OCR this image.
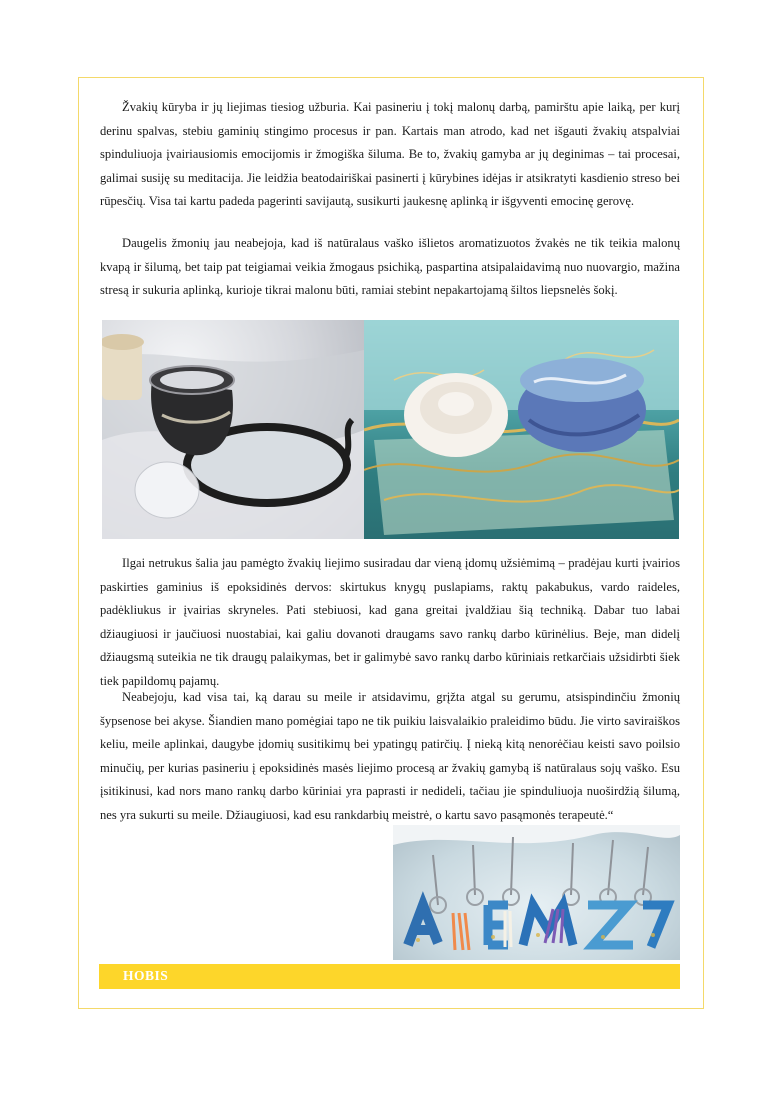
Žvakių kūryba ir jų liejimas tiesiog užburia. Kai pasineriu į tokį malonų darbą, pamirštu apie laiką, per kurį derinu spalvas, stebiu gaminių stingimo procesus ir pan. Kartais man atrodo, kad net išgauti žvakių atspalviai spinduliuoja įvairiausiomis emocijomis ir žmogiška šiluma. Be to, žvakių gamyba ar jų deginimas – tai procesai, galimai susiję su meditacija. Jie leidžia beatodairiškai pasinerti į kūrybines idėjas ir atsikratyti kasdienio streso bei rūpesčių. Visa tai kartu padeda pagerinti savijautą, susikurti jaukesnę aplinką ir išgyventi emocinę gerovę.

Daugelis žmonių jau neabejoja, kad iš natūralaus vaško išlietos aromatizuotos žvakės ne tik teikia malonų kvapą ir šilumą, bet taip pat teigiamai veikia žmogaus psichiką, paspartina atsipalaidavimą nuo nuovargio, mažina stresą ir sukuria aplinką, kurioje tikrai malonu būti, ramiai stebint nepakartojamą šiltos liepsnelės šokį.

Ilgai netrukus šalia jau pamėgto žvakių liejimo susiradau dar vieną įdomų užsiėmimą – pradėjau kurti įvairios paskirties gaminius iš epoksidinės dervos: skirtukus knygų puslapiams, raktų pakabukus, vardo raideles, padėkliukus ir įvairias skryneles. Pati stebiuosi, kad gana greitai įvaldžiau šią techniką. Dabar tuo labai džiaugiuosi ir jaučiuosi nuostabiai, kai galiu dovanoti draugams savo rankų darbo kūrinėlius. Beje, man didelį džiaugsmą suteikia ne tik draugų palaikymas, bet ir galimybė savo rankų darbo kūriniais retkarčiais užsidirbti šiek tiek papildomų pajamų.

Neabejoju, kad visa tai, ką darau su meile ir atsidavimu, grįžta atgal su gerumu, atsispindinčiu žmonių šypsenose bei akyse. Šiandien mano pomėgiai tapo ne tik puikiu laisvalaikio praleidimo būdu. Jie virto saviraiškos keliu, meile aplinkai, daugybe įdomių susitikimų bei ypatingų patirčių. Į nieką kitą nenorėčiau keisti savo poilsio minučių, per kurias pasineriu į epoksidinės masės liejimo procesą ar žvakių gamybą iš natūralaus sojų vaško. Esu įsitikinusi, kad nors mano rankų darbo kūriniai yra paprasti ir nedideli, tačiau jie spinduliuoja nuoširdžią šilumą, nes yra sukurti su meile. Džiaugiuosi, kad esu rankdarbių meistrė, o kartu savo pasąmonės terapeutė.“

HOBIS
